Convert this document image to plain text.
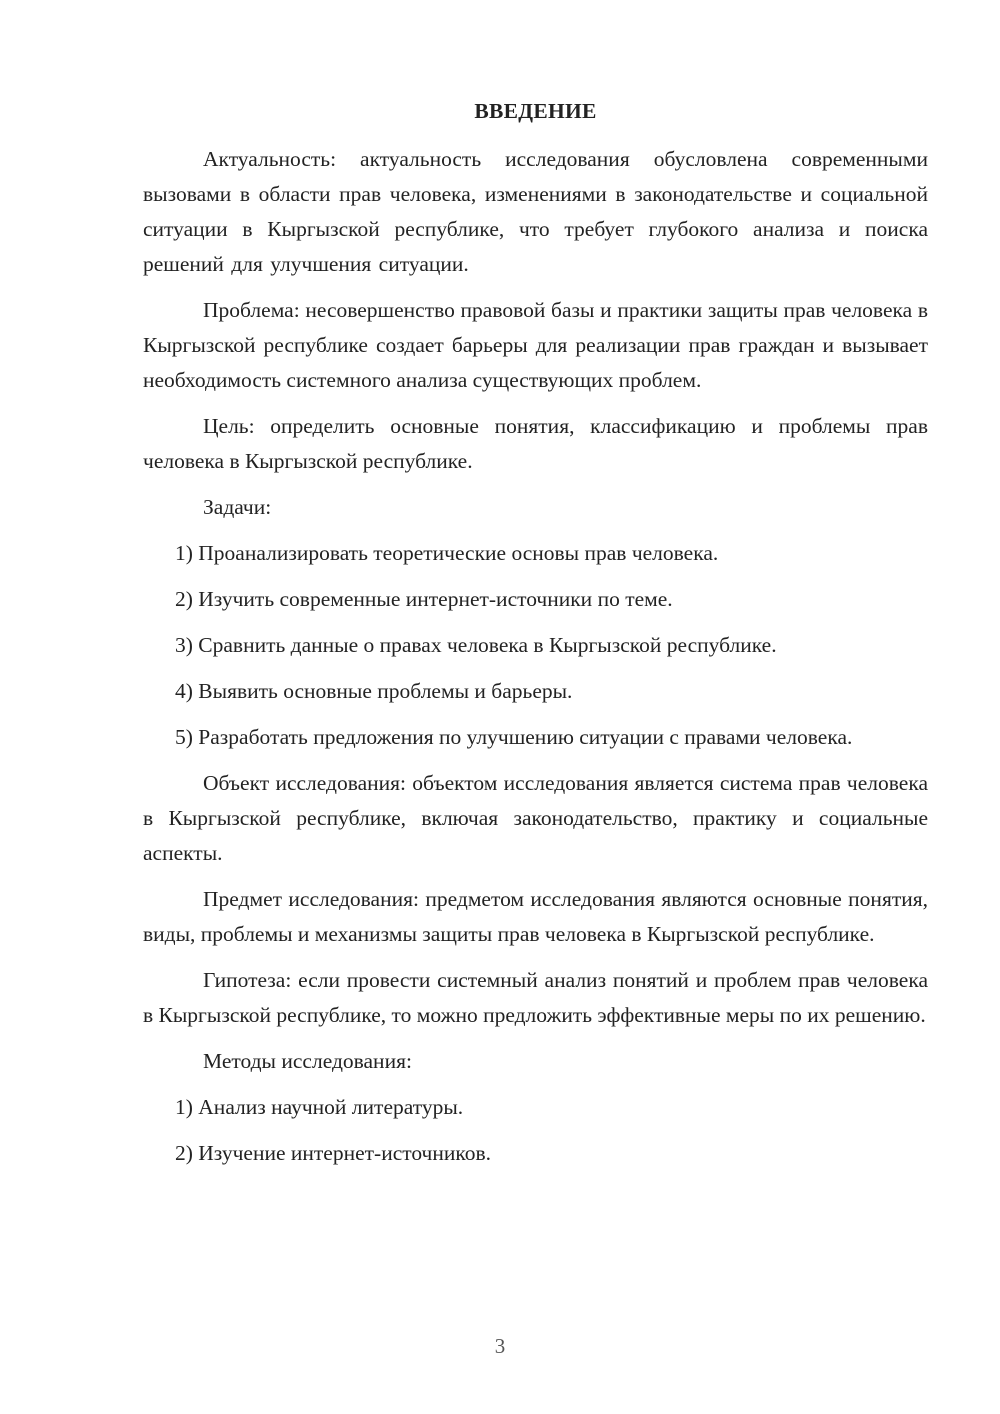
ВВЕДЕНИЕ

Актуальность: актуальность исследования обусловлена современными вызовами в области прав человека, изменениями в законодательстве и социальной ситуации в Кыргызской республике, что требует глубокого анализа и поиска решений для улучшения ситуации.

Проблема: несовершенство правовой базы и практики защиты прав человека в Кыргызской республике создает барьеры для реализации прав граждан и вызывает необходимость системного анализа существующих проблем.

Цель: определить основные понятия, классификацию и проблемы прав человека в Кыргызской республике.

Задачи:

1) Проанализировать теоретические основы прав человека.

2) Изучить современные интернет-источники по теме.

3) Сравнить данные о правах человека в Кыргызской республике.

4) Выявить основные проблемы и барьеры.

5) Разработать предложения по улучшению ситуации с правами человека.

Объект исследования: объектом исследования является система прав человека в Кыргызской республике, включая законодательство, практику и социальные аспекты.

Предмет исследования: предметом исследования являются основные понятия, виды, проблемы и механизмы защиты прав человека в Кыргызской республике.

Гипотеза: если провести системный анализ понятий и проблем прав человека в Кыргызской республике, то можно предложить эффективные меры по их решению.

Методы исследования:

1) Анализ научной литературы.

2) Изучение интернет-источников.

3
